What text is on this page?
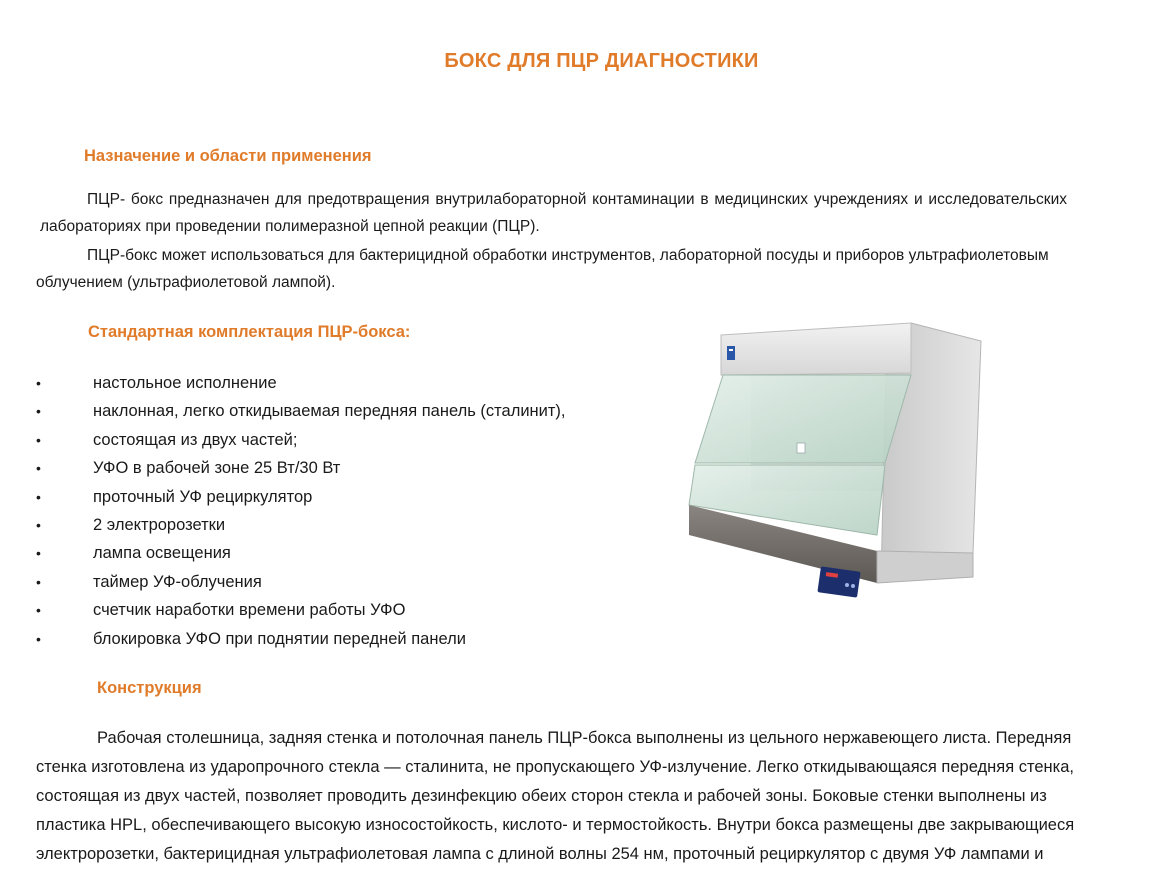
БОКС ДЛЯ ПЦР ДИАГНОСТИКИ
Назначение и области применения
ПЦР- бокс предназначен для предотвращения внутрилабораторной контаминации в медицинских учреждениях и исследовательских
лабораториях при проведении полимеразной цепной реакции (ПЦР).
ПЦР-бокс может использоваться для бактерицидной обработки инструментов, лабораторной посуды и приборов ультрафиолетовым
облучением (ультрафиолетовой лампой).
Стандартная комплектация ПЦР-бокса:
•	настольное исполнение
•	наклонная, легко откидываемая передняя панель (сталинит),
•	состоящая из двух частей;
•	УФО в рабочей зоне 25 Вт/30 Вт
•	проточный УФ рециркулятор
•	2 электророзетки
•	лампа освещения
•	таймер УФ-облучения
•	счетчик наработки времени работы УФО
•	блокировка УФО при поднятии передней панели
Конструкция
Рабочая столешница, задняя стенка и потолочная панель ПЦР-бокса выполнены из цельного нержавеющего листа. Передняя
стенка изготовлена из ударопрочного стекла — сталинита, не пропускающего УФ-излучение. Легко откидывающаяся передняя стенка,
состоящая из двух частей, позволяет проводить дезинфекцию обеих сторон стекла и рабочей зоны. Боковые стенки выполнены из
пластика HPL, обеспечивающего высокую износостойкость, кислото- и термостойкость. Внутри бокса размещены две закрывающиеся
электророзетки, бактерицидная ультрафиолетовая лампа с длиной волны 254 нм, проточный рециркулятор с двумя УФ лампами и
